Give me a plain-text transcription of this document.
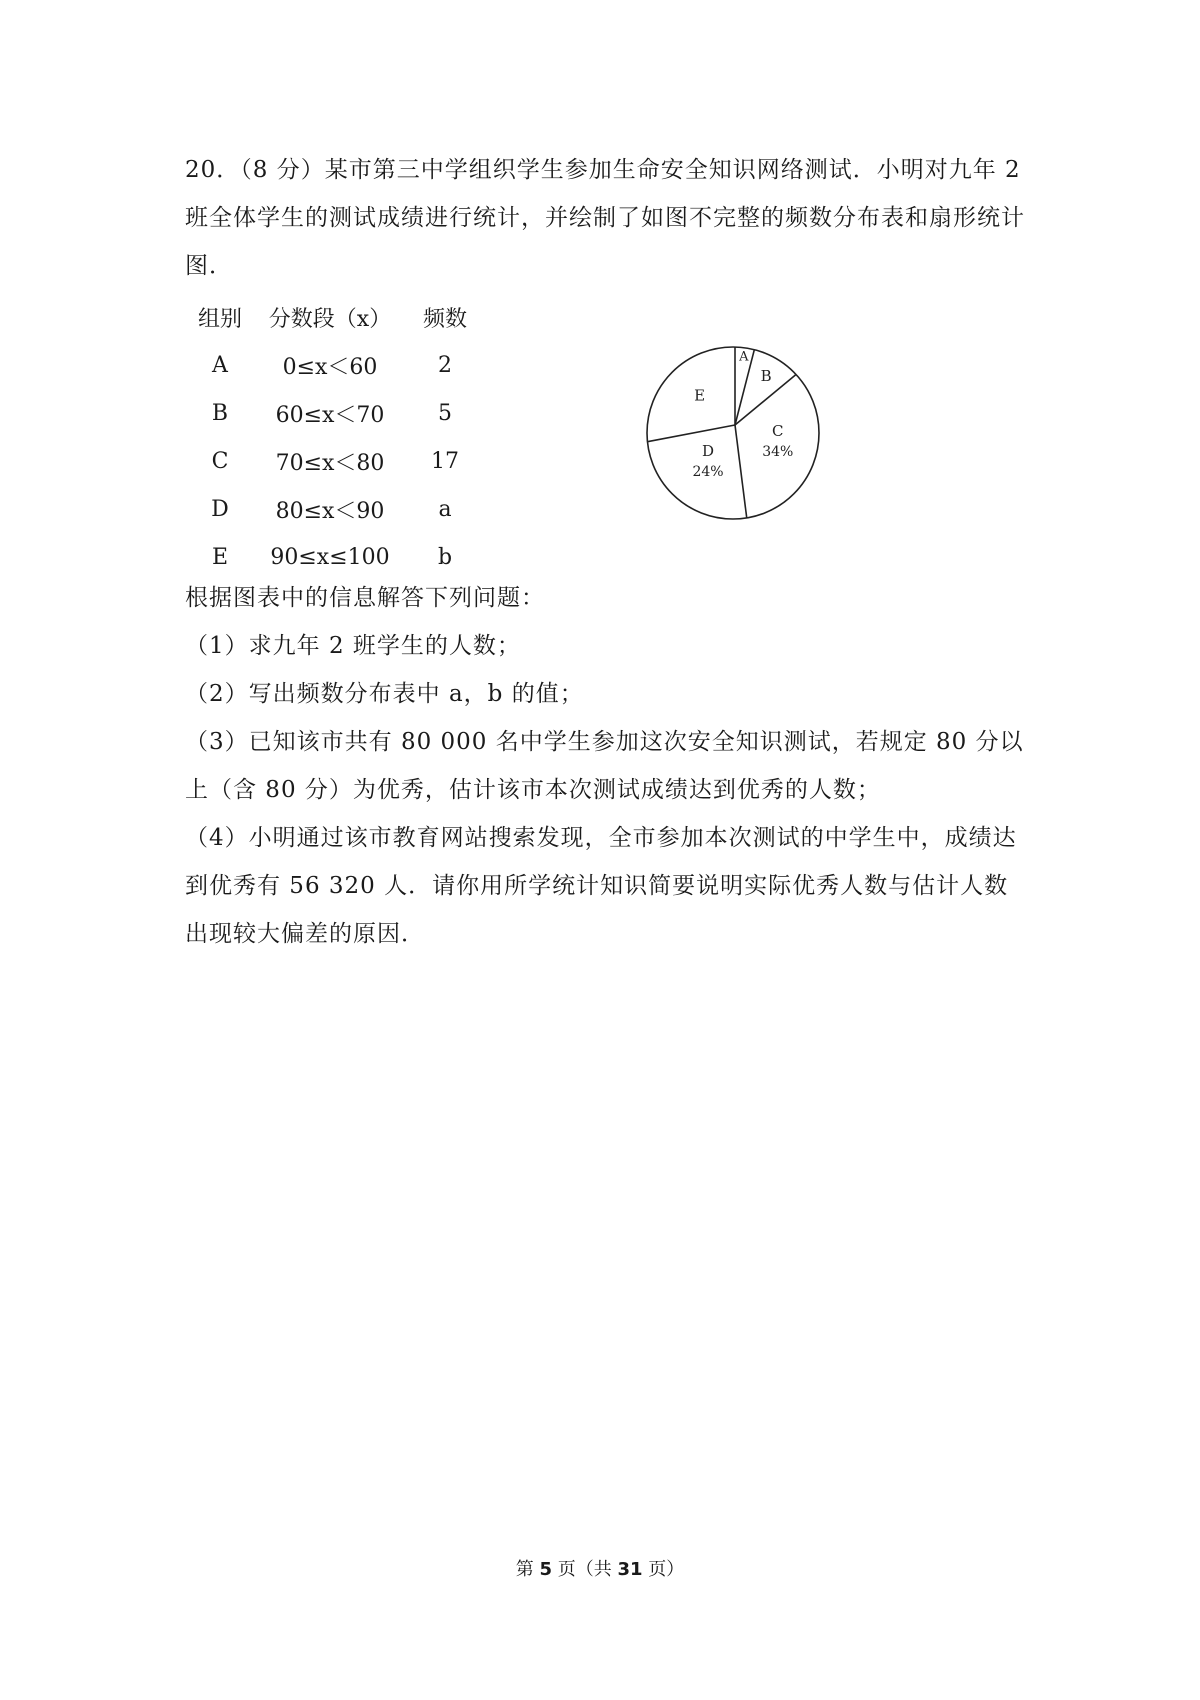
20．（8 分）某市第三中学组织学生参加生命安全知识网络测试．小明对九年 2 班全体学生的测试成绩进行统计，并绘制了如图不完整的频数分布表和扇形统计图．
组别	分数段（x）	频数
A	0≤x＜60	2
B	60≤x＜70	5
C	70≤x＜80	17
D	80≤x＜90	a
E	90≤x≤100	b
A
B
C
34%
D
24%
E

根据图表中的信息解答下列问题：

（1）求九年 2 班学生的人数；

（2）写出频数分布表中 a，b 的值；

（3）已知该市共有 80 000 名中学生参加这次安全知识测试，若规定 80 分以上（含 80 分）为优秀，估计该市本次测试成绩达到优秀的人数；

（4）小明通过该市教育网站搜索发现，全市参加本次测试的中学生中，成绩达到优秀有 56 320 人．请你用所学统计知识简要说明实际优秀人数与估计人数出现较大偏差的原因．

第 5 页（共 31 页）
